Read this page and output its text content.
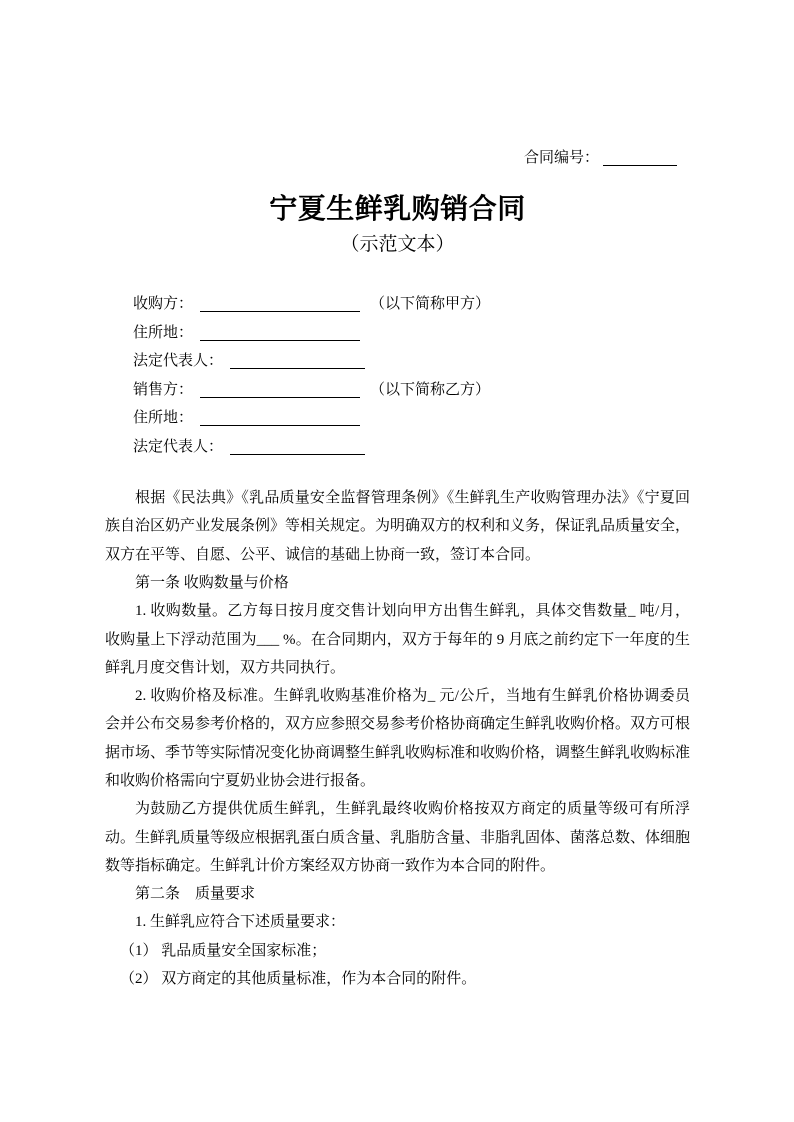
合同编号：
宁夏生鲜乳购销合同
（示范文本）
收购方：	（以下简称甲方）
住所地：
法定代表人：
销售方：	（以下简称乙方）
住所地：
法定代表人：

根据《民法典》《乳品质量安全监督管理条例》《生鲜乳生产收购管理办法》《宁夏回族自治区奶产业发展条例》等相关规定。为明确双方的权利和义务，保证乳品质量安全，双方在平等、自愿、公平、诚信的基础上协商一致，签订本合同。

第一条 收购数量与价格

1. 收购数量。乙方每日按月度交售计划向甲方出售生鲜乳，具体交售数量_ 吨/月， 收购量上下浮动范围为___ %。在合同期内，双方于每年的 9 月底之前约定下一年度的生鲜乳月度交售计划，双方共同执行。

2. 收购价格及标准。生鲜乳收购基准价格为_ 元/公斤，当地有生鲜乳价格协调委员会并公布交易参考价格的，双方应参照交易参考价格协商确定生鲜乳收购价格。双方可根据市场、季节等实际情况变化协商调整生鲜乳收购标准和收购价格，调整生鲜乳收购标准和收购价格需向宁夏奶业协会进行报备。

为鼓励乙方提供优质生鲜乳，生鲜乳最终收购价格按双方商定的质量等级可有所浮动。生鲜乳质量等级应根据乳蛋白质含量、乳脂肪含量、非脂乳固体、菌落总数、体细胞数等指标确定。生鲜乳计价方案经双方协商一致作为本合同的附件。

第二条　质量要求

1. 生鲜乳应符合下述质量要求：

（1） 乳品质量安全国家标准；

（2） 双方商定的其他质量标准，作为本合同的附件。
